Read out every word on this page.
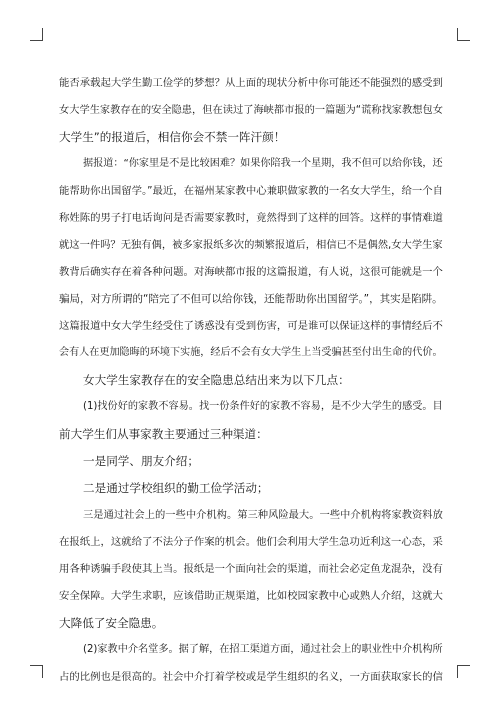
能否承载起大学生勤工俭学的梦想？从上面的现状分析中你可能还不能强烈的感受到
女大学生家教存在的安全隐患，但在读过了海峡都市报的一篇题为“谎称找家教想包女
大学生”的报道后，相信你会不禁一阵汗颜！
据报道：“你家里是不是比较困难？如果你陪我一个星期，我不但可以给你钱，还
能帮助你出国留学。”最近，在福州某家教中心兼职做家教的一名女大学生，给一个自
称姓陈的男子打电话询问是否需要家教时，竟然得到了这样的回答。这样的事情难道
就这一件吗？无独有偶，被多家报纸多次的频繁报道后，相信已不是偶然,女大学生家
教背后确实存在着各种问题。对海峡都市报的这篇报道，有人说，这很可能就是一个
骗局，对方所谓的“陪完了不但可以给你钱，还能帮助你出国留学。”，其实是陷阱。
这篇报道中女大学生经受住了诱惑没有受到伤害，可是谁可以保证这样的事情经后不
会有人在更加隐晦的环境下实施，经后不会有女大学生上当受骗甚至付出生命的代价。
女大学生家教存在的安全隐患总结出来为以下几点：
(1)找份好的家教不容易。找一份条件好的家教不容易，是不少大学生的感受。目
前大学生们从事家教主要通过三种渠道：
一是同学、朋友介绍；
二是通过学校组织的勤工俭学活动；
三是通过社会上的一些中介机构。第三种风险最大。一些中介机构将家教资料放
在报纸上，这就给了不法分子作案的机会。他们会利用大学生急功近利这一心态，采
用各种诱骗手段使其上当。报纸是一个面向社会的渠道，而社会必定鱼龙混杂，没有
安全保障。大学生求职，应该借助正规渠道，比如校园家教中心或熟人介绍，这就大
大降低了安全隐患。
(2)家教中介名堂多。据了解，在招工渠道方面，通过社会上的职业性中介机构所
占的比例也是很高的。社会中介打着学校或是学生组织的名义，一方面获取家长的信
